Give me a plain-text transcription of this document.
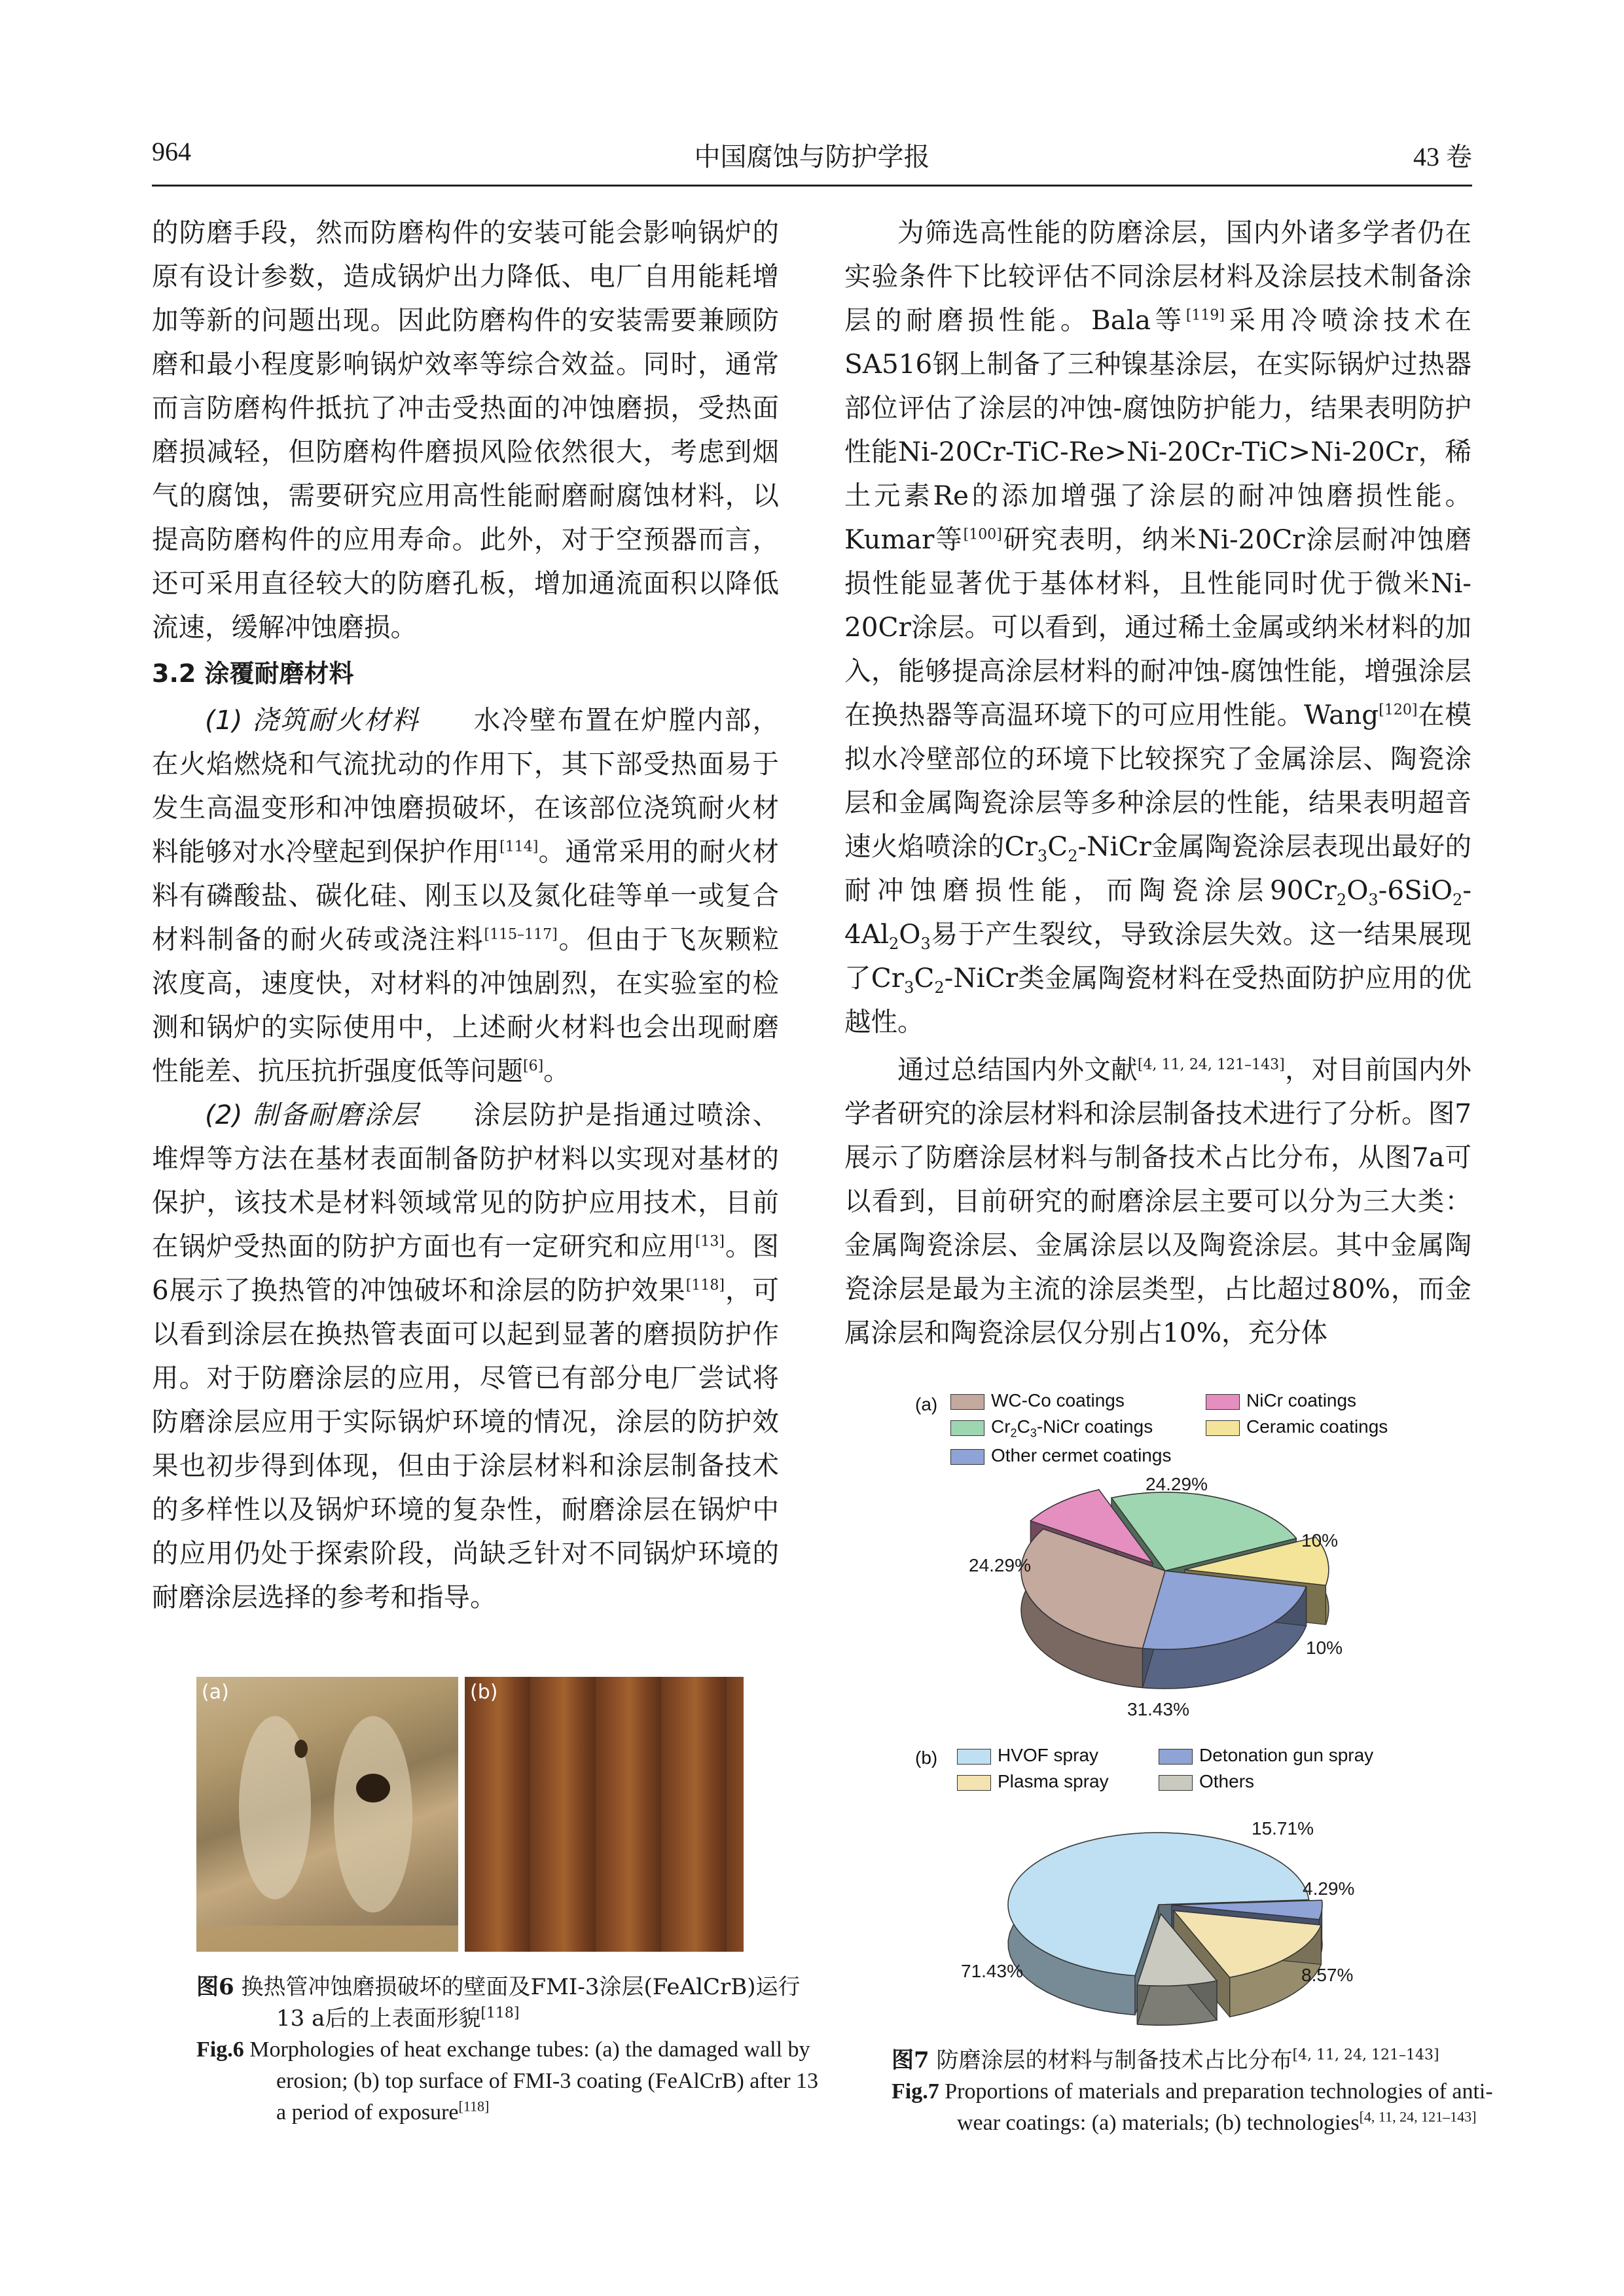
964	中国腐蚀与防护学报	43 卷

的防磨手段，然而防磨构件的安装可能会影响锅炉的原有设计参数，造成锅炉出力降低、电厂自用能耗增加等新的问题出现。因此防磨构件的安装需要兼顾防磨和最小程度影响锅炉效率等综合效益。同时，通常而言防磨构件抵抗了冲击受热面的冲蚀磨损，受热面磨损减轻，但防磨构件磨损风险依然很大，考虑到烟气的腐蚀，需要研究应用高性能耐磨耐腐蚀材料，以提高防磨构件的应用寿命。此外，对于空预器而言，还可采用直径较大的防磨孔板，增加通流面积以降低流速，缓解冲蚀磨损。

3.2 涂覆耐磨材料

(1) 浇筑耐火材料   水冷壁布置在炉膛内部，在火焰燃烧和气流扰动的作用下，其下部受热面易于发生高温变形和冲蚀磨损破坏，在该部位浇筑耐火材料能够对水冷壁起到保护作用[114]。通常采用的耐火材料有磷酸盐、碳化硅、刚玉以及氮化硅等单一或复合材料制备的耐火砖或浇注料[115–117]。但由于飞灰颗粒浓度高，速度快，对材料的冲蚀剧烈，在实验室的检测和锅炉的实际使用中，上述耐火材料也会出现耐磨性能差、抗压抗折强度低等问题[6]。

(2) 制备耐磨涂层   涂层防护是指通过喷涂、堆焊等方法在基材表面制备防护材料以实现对基材的保护，该技术是材料领域常见的防护应用技术，目前在锅炉受热面的防护方面也有一定研究和应用[13]。图6展示了换热管的冲蚀破坏和涂层的防护效果[118]，可以看到涂层在换热管表面可以起到显著的磨损防护作用。对于防磨涂层的应用，尽管已有部分电厂尝试将防磨涂层应用于实际锅炉环境的情况，涂层的防护效果也初步得到体现，但由于涂层材料和涂层制备技术的多样性以及锅炉环境的复杂性，耐磨涂层在锅炉中的应用仍处于探索阶段，尚缺乏针对不同锅炉环境的耐磨涂层选择的参考和指导。

为筛选高性能的防磨涂层，国内外诸多学者仍在实验条件下比较评估不同涂层材料及涂层技术制备涂层的耐磨损性能。Bala等[119]采用冷喷涂技术在SA516钢上制备了三种镍基涂层，在实际锅炉过热器部位评估了涂层的冲蚀-腐蚀防护能力，结果表明防护性能Ni-20Cr-TiC-Re>Ni-20Cr-TiC>Ni-20Cr，稀土元素Re的添加增强了涂层的耐冲蚀磨损性能。Kumar等[100]研究表明，纳米Ni-20Cr涂层耐冲蚀磨损性能显著优于基体材料，且性能同时优于微米Ni-20Cr涂层。可以看到，通过稀土金属或纳米材料的加入，能够提高涂层材料的耐冲蚀-腐蚀性能，增强涂层在换热器等高温环境下的可应用性能。Wang[120]在模拟水冷壁部位的环境下比较探究了金属涂层、陶瓷涂层和金属陶瓷涂层等多种涂层的性能，结果表明超音速火焰喷涂的$Cr_3C_2$-NiCr金属陶瓷涂层表现出最好的耐冲蚀磨损性能，而陶瓷涂层$90Cr_2O_3-6SiO_2-4Al_2O_3$易于产生裂纹，导致涂层失效。这一结果展现了$Cr_3C_2$-NiCr类金属陶瓷材料在受热面防护应用的优越性。

通过总结国内外文献[4, 11, 24, 121–143]，对目前国内外学者研究的涂层材料和涂层制备技术进行了分析。图7展示了防磨涂层材料与制备技术占比分布，从图7a可以看到，目前研究的耐磨涂层主要可以分为三大类：金属陶瓷涂层、金属涂层以及陶瓷涂层。其中金属陶瓷涂层是最为主流的涂层类型，占比超过80%，而金属涂层和陶瓷涂层仅分别占10%，充分体

(a)	(b)
图6 换热管冲蚀磨损破坏的壁面及FMI-3涂层(FeAlCrB)运行13 a后的上表面形貌[118]
Fig.6 Morphologies of heat exchange tubes: (a) the damaged wall by erosion; (b) top surface of FMI-3 coating (FeAlCrB) after 13 a period of exposure[118]
(a)	WC-Co coatings	NiCr coatings
$Cr_2C_3$-NiCr coatings	Ceramic coatings
Other cermet coatings
24.29%
10%
24.29%
10%
31.43%
(b)	HVOF spray	Detonation gun spray
Plasma spray	Others
15.71%
4.29%
8.57%
71.43%
图7 防磨涂层的材料与制备技术占比分布[4, 11, 24, 121–143]
Fig.7 Proportions of materials and preparation technologies of anti-wear coatings: (a) materials; (b) technologies[4, 11, 24, 121–143]
